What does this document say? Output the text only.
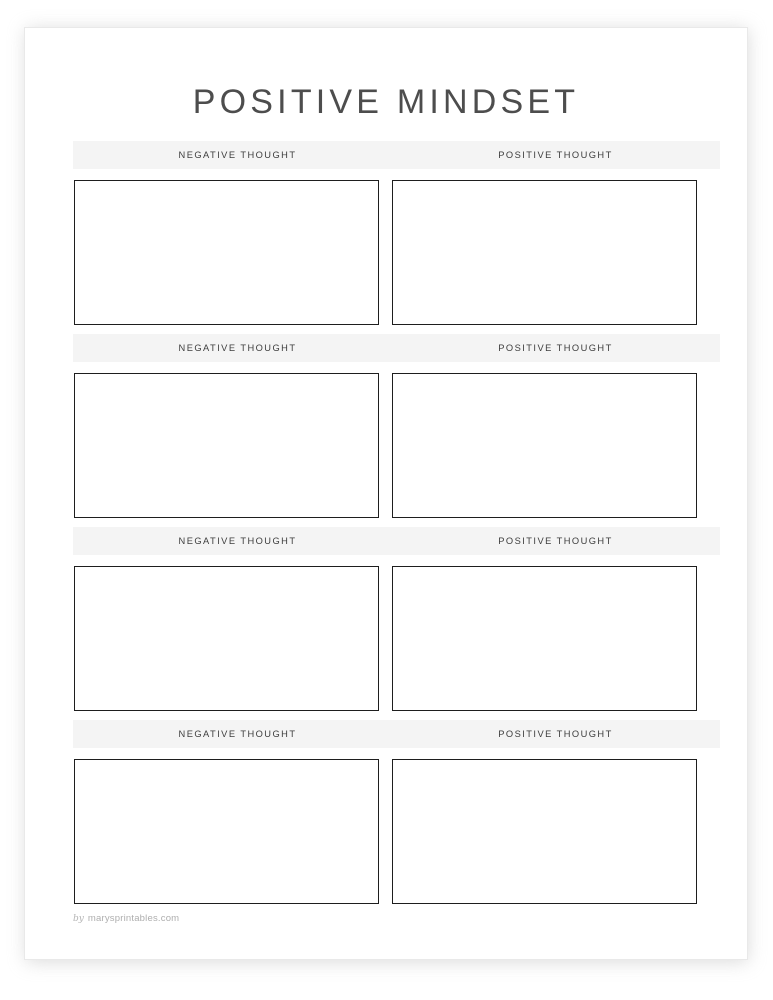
POSITIVE MINDSET
NEGATIVE THOUGHT	POSITIVE THOUGHT
NEGATIVE THOUGHT	POSITIVE THOUGHT
NEGATIVE THOUGHT	POSITIVE THOUGHT
NEGATIVE THOUGHT	POSITIVE THOUGHT
by marysprintables.com
